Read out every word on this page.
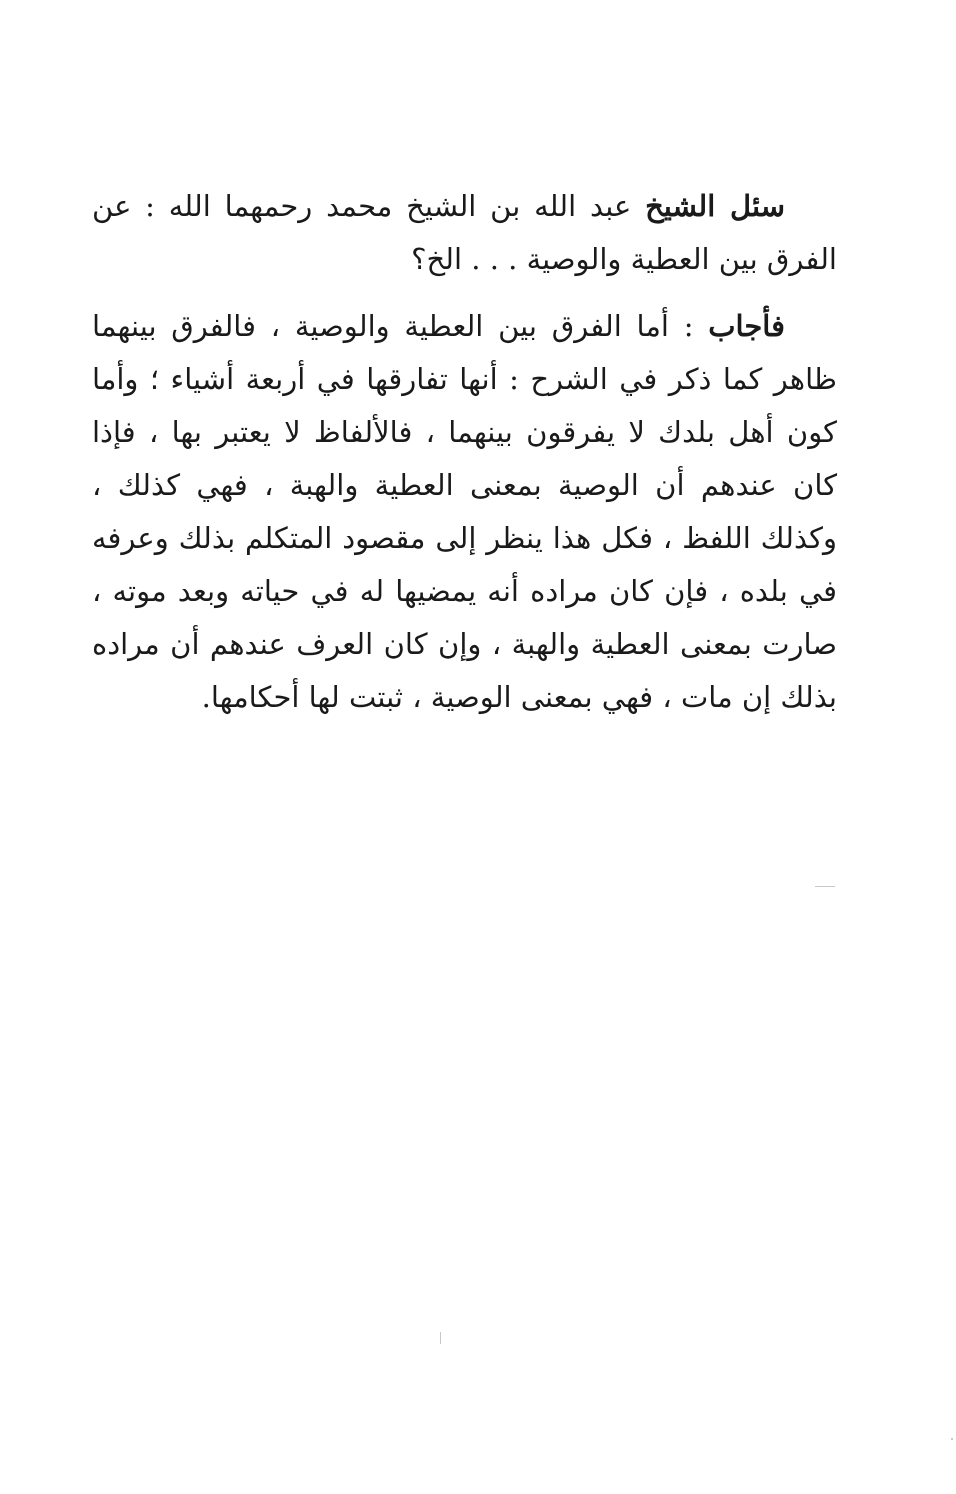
سئل الشيخ عبد الله بن الشيخ محمد رحمهما الله : عن الفرق بين العطية والوصية . . . الخ؟

فأجاب : أما الفرق بين العطية والوصية ، فالفرق بينهما ظاهر كما ذكر في الشرح : أنها تفارقها في أربعة أشياء ؛ وأما كون أهل بلدك لا يفرقون بينهما ، فالألفاظ لا يعتبر بها ، فإذا كان عندهم أن الوصية بمعنى العطية والهبة ، فهي كذلك ، وكذلك اللفظ ، فكل هذا ينظر إلى مقصود المتكلم بذلك وعرفه في بلده ، فإن كان مراده أنه يمضيها له في حياته وبعد موته ، صارت بمعنى العطية والهبة ، وإن كان العرف عندهم أن مراده بذلك إن مات ، فهي بمعنى الوصية ، ثبتت لها أحكامها.
